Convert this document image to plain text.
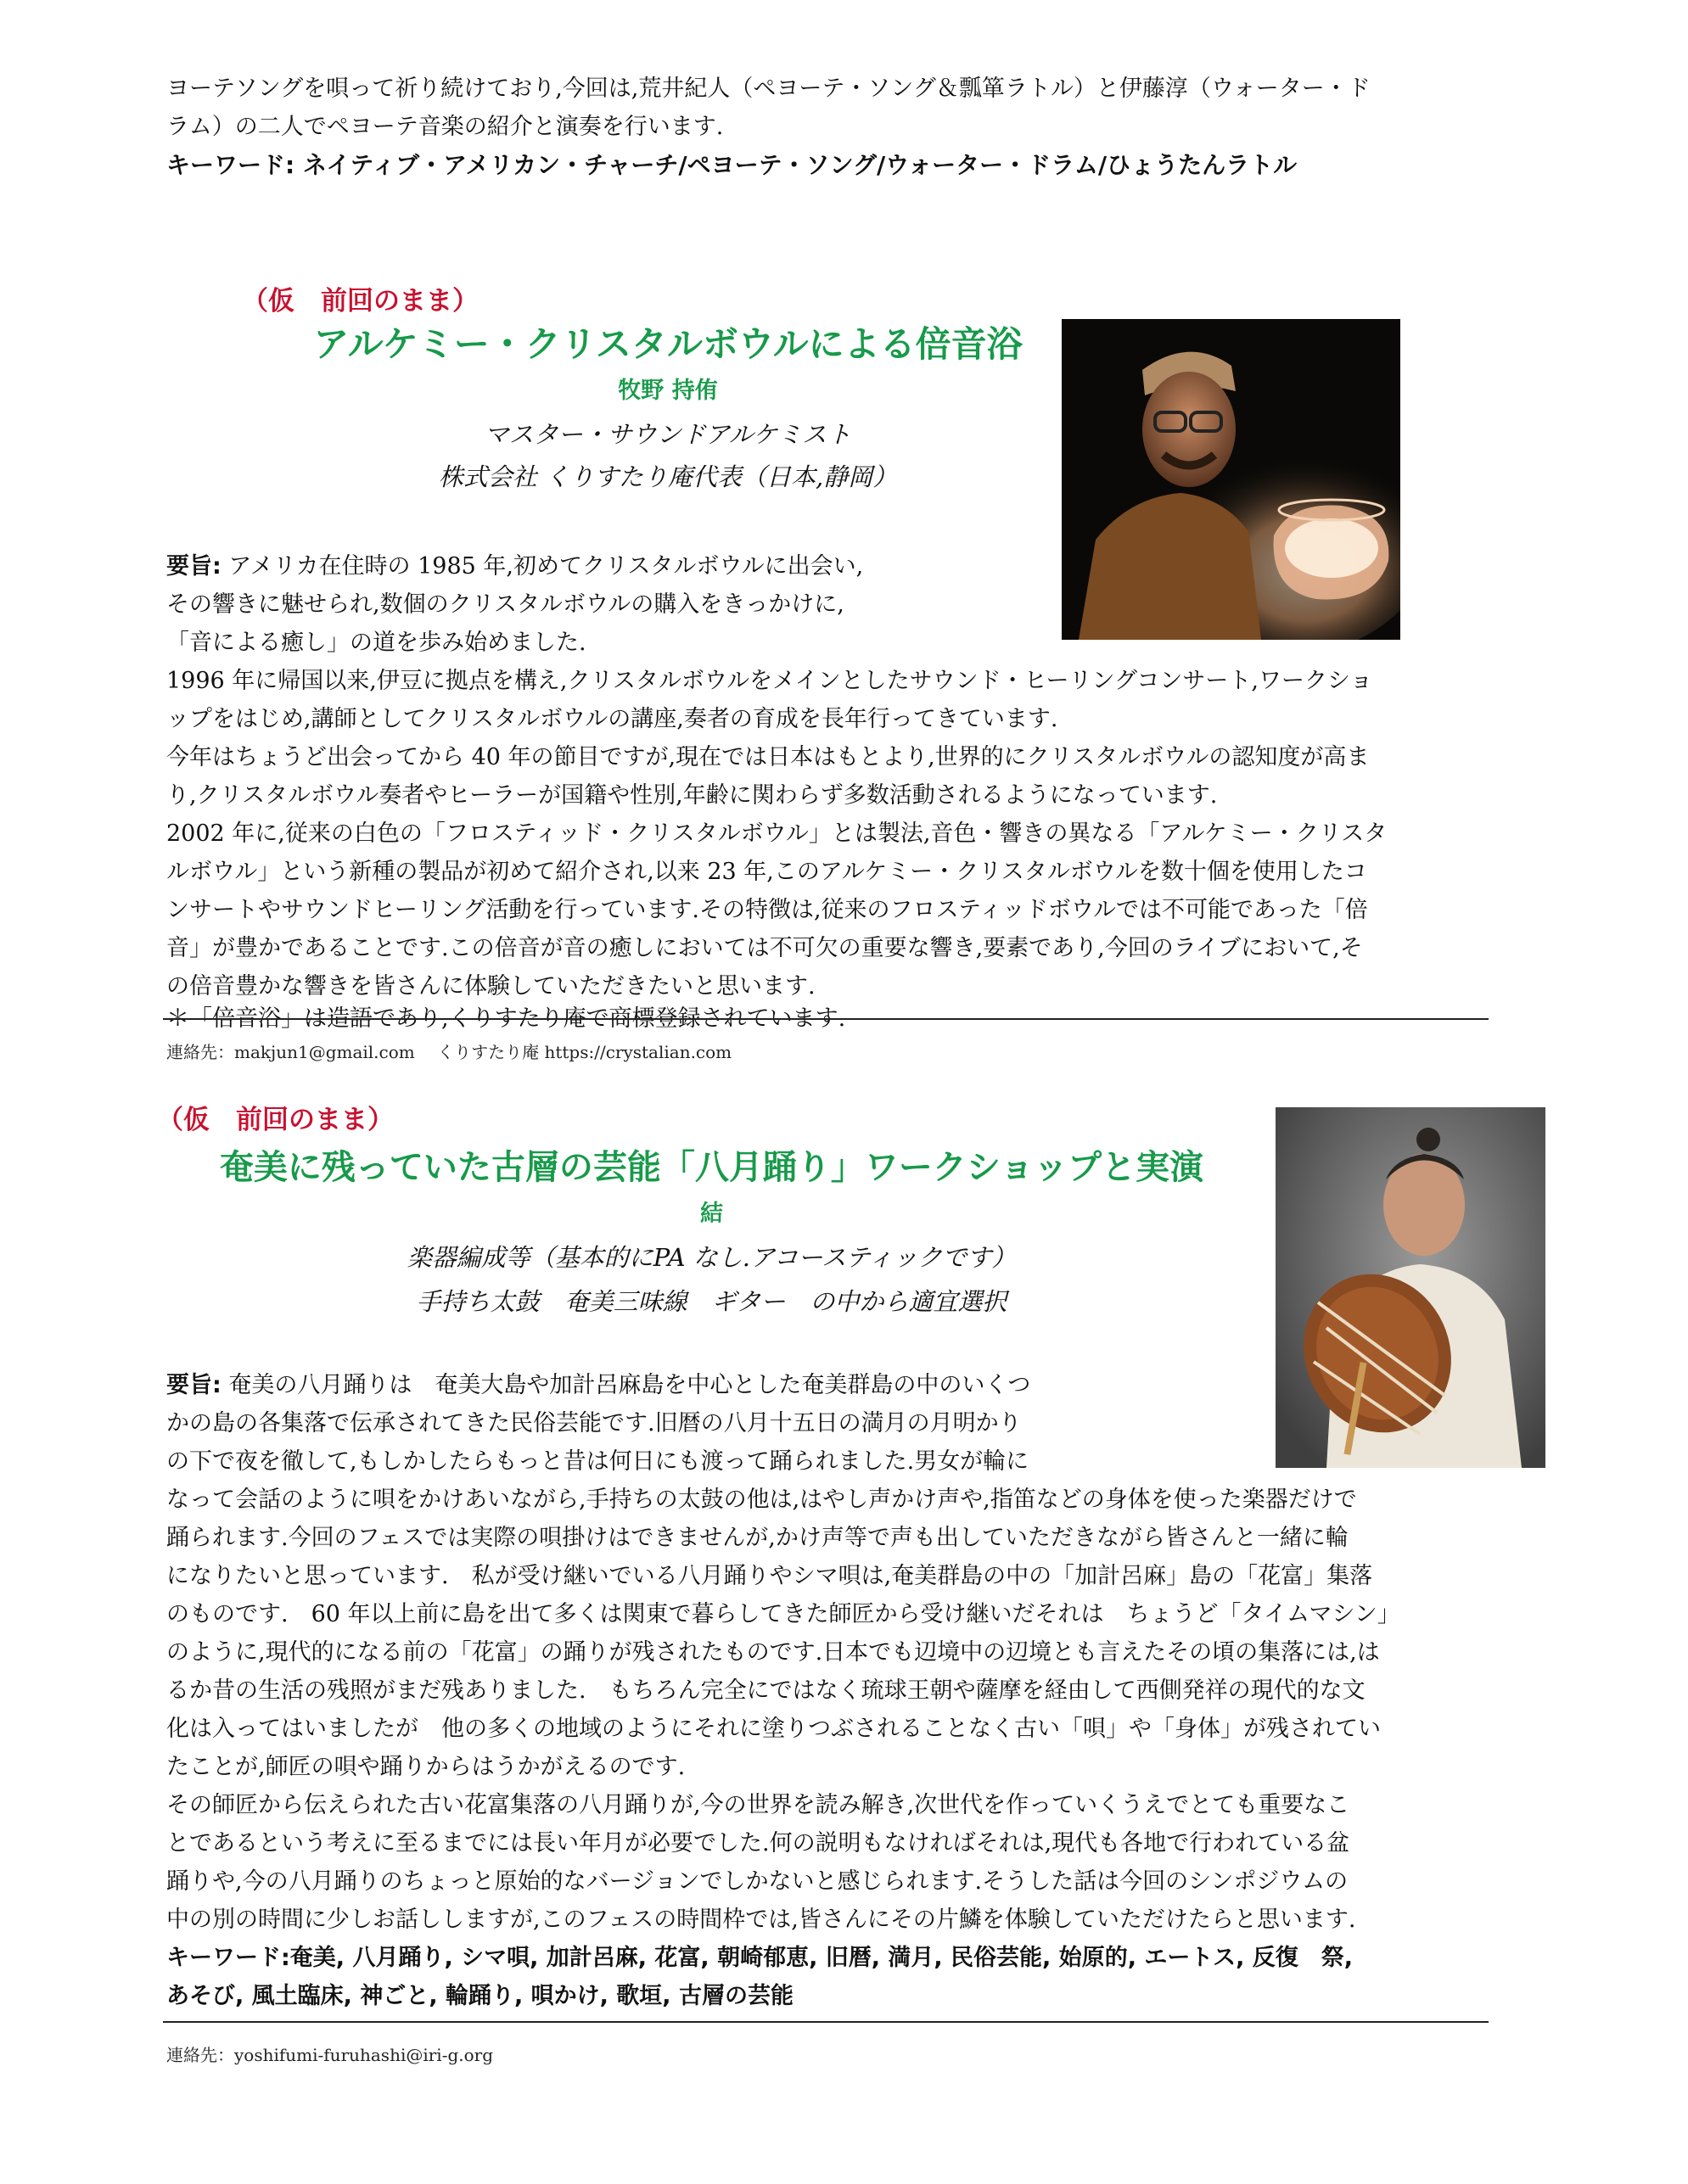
ヨーテソングを唄って祈り続けており,今回は,荒井紀人（ペヨーテ・ソング＆瓢箪ラトル）と伊藤淳（ウォーター・ド

ラム）の二人でペヨーテ音楽の紹介と演奏を行います.

キーワード: ネイティブ・アメリカン・チャーチ/ペヨーテ・ソング/ウォーター・ドラム/ひょうたんラトル

（仮　前回のまま）

アルケミー・クリスタルボウルによる倍音浴

牧野 持侑

マスター・サウンドアルケミスト

株式会社 くりすたり庵代表（日本,静岡）

要旨: アメリカ在住時の 1985 年,初めてクリスタルボウルに出会い,

その響きに魅せられ,数個のクリスタルボウルの購入をきっかけに,

「音による癒し」の道を歩み始めました.

1996 年に帰国以来,伊豆に拠点を構え,クリスタルボウルをメインとしたサウンド・ヒーリングコンサート,ワークショ

ップをはじめ,講師としてクリスタルボウルの講座,奏者の育成を長年行ってきています.

今年はちょうど出会ってから 40 年の節目ですが,現在では日本はもとより,世界的にクリスタルボウルの認知度が高ま

り,クリスタルボウル奏者やヒーラーが国籍や性別,年齢に関わらず多数活動されるようになっています.

2002 年に,従来の白色の「フロスティッド・クリスタルボウル」とは製法,音色・響きの異なる「アルケミー・クリスタ

ルボウル」という新種の製品が初めて紹介され,以来 23 年,このアルケミー・クリスタルボウルを数十個を使用したコ

ンサートやサウンドヒーリング活動を行っています.その特徴は,従来のフロスティッドボウルでは不可能であった「倍

音」が豊かであることです.この倍音が音の癒しにおいては不可欠の重要な響き,要素であり,今回のライブにおいて,そ

の倍音豊かな響きを皆さんに体験していただきたいと思います.

＊「倍音浴」は造語であり,くりすたり庵で商標登録されています.

連絡先：makjun1@gmail.com　 くりすたり庵 https://crystalian.com

（仮　前回のまま）

奄美に残っていた古層の芸能「八月踊り」ワークショップと実演

結

楽器編成等（基本的にPA なし.アコースティックです）

手持ち太鼓　奄美三味線　ギター　の中から適宜選択

要旨: 奄美の八月踊りは　奄美大島や加計呂麻島を中心とした奄美群島の中のいくつ

かの島の各集落で伝承されてきた民俗芸能です.旧暦の八月十五日の満月の月明かり

の下で夜を徹して,もしかしたらもっと昔は何日にも渡って踊られました.男女が輪に

なって会話のように唄をかけあいながら,手持ちの太鼓の他は,はやし声かけ声や,指笛などの身体を使った楽器だけで

踊られます.今回のフェスでは実際の唄掛けはできませんが,かけ声等で声も出していただきながら皆さんと一緒に輪

になりたいと思っています.　私が受け継いでいる八月踊りやシマ唄は,奄美群島の中の「加計呂麻」島の「花富」集落

のものです.　60 年以上前に島を出て多くは関東で暮らしてきた師匠から受け継いだそれは　ちょうど「タイムマシン」

のように,現代的になる前の「花富」の踊りが残されたものです.日本でも辺境中の辺境とも言えたその頃の集落には,は

るか昔の生活の残照がまだ残ありました.　もちろん完全にではなく琉球王朝や薩摩を経由して西側発祥の現代的な文

化は入ってはいましたが　他の多くの地域のようにそれに塗りつぶされることなく古い「唄」や「身体」が残されてい

たことが,師匠の唄や踊りからはうかがえるのです.

その師匠から伝えられた古い花富集落の八月踊りが,今の世界を読み解き,次世代を作っていくうえでとても重要なこ

とであるという考えに至るまでには長い年月が必要でした.何の説明もなければそれは,現代も各地で行われている盆

踊りや,今の八月踊りのちょっと原始的なバージョンでしかないと感じられます.そうした話は今回のシンポジウムの

中の別の時間に少しお話ししますが,このフェスの時間枠では,皆さんにその片鱗を体験していただけたらと思います.

キーワード:奄美, 八月踊り, シマ唄, 加計呂麻, 花富, 朝崎郁恵, 旧暦, 満月, 民俗芸能, 始原的, エートス, 反復　祭,

あそび, 風土臨床, 神ごと, 輪踊り, 唄かけ, 歌垣, 古層の芸能

連絡先：yoshifumi-furuhashi@iri-g.org
